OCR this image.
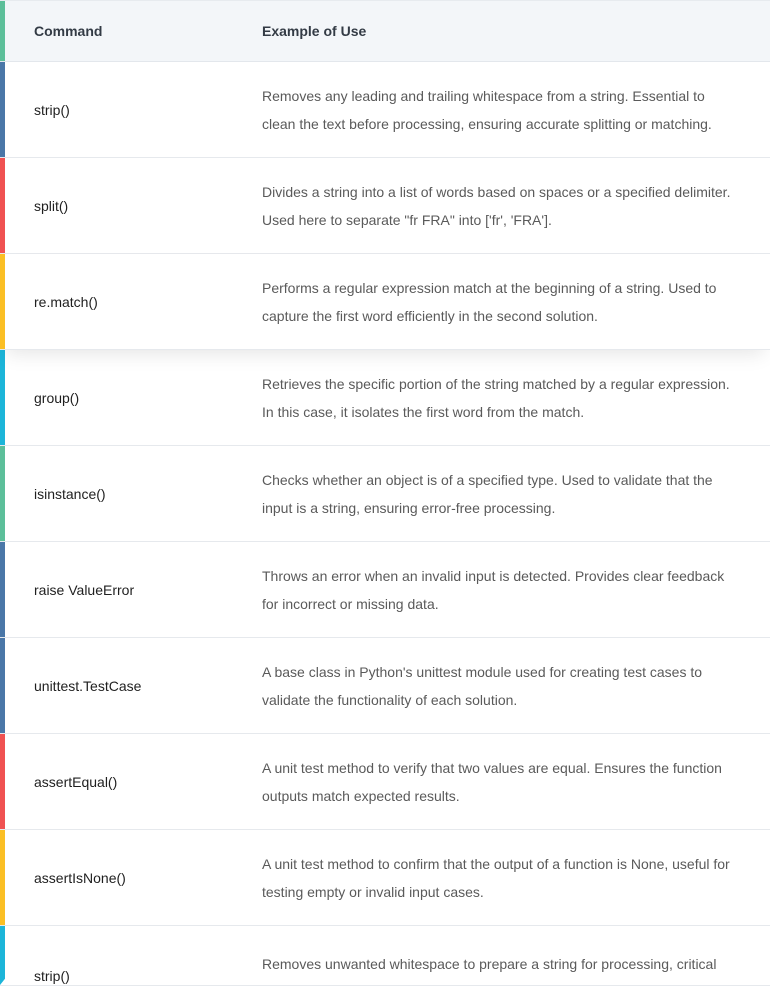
Command	Example of Use
strip()
Removes any leading and trailing whitespace from a string. Essential to clean the text before processing, ensuring accurate splitting or matching.
split()
Divides a string into a list of words based on spaces or a specified delimiter. Used here to separate "fr FRA" into ['fr', 'FRA'].
re.match()
Performs a regular expression match at the beginning of a string. Used to capture the first word efficiently in the second solution.
group()
Retrieves the specific portion of the string matched by a regular expression. In this case, it isolates the first word from the match.
isinstance()
Checks whether an object is of a specified type. Used to validate that the input is a string, ensuring error-free processing.
raise ValueError
Throws an error when an invalid input is detected. Provides clear feedback for incorrect or missing data.
unittest.TestCase
A base class in Python's unittest module used for creating test cases to validate the functionality of each solution.
assertEqual()
A unit test method to verify that two values are equal. Ensures the function outputs match expected results.
assertIsNone()
A unit test method to confirm that the output of a function is None, useful for testing empty or invalid input cases.
strip()
Removes unwanted whitespace to prepare a string for processing, critical
